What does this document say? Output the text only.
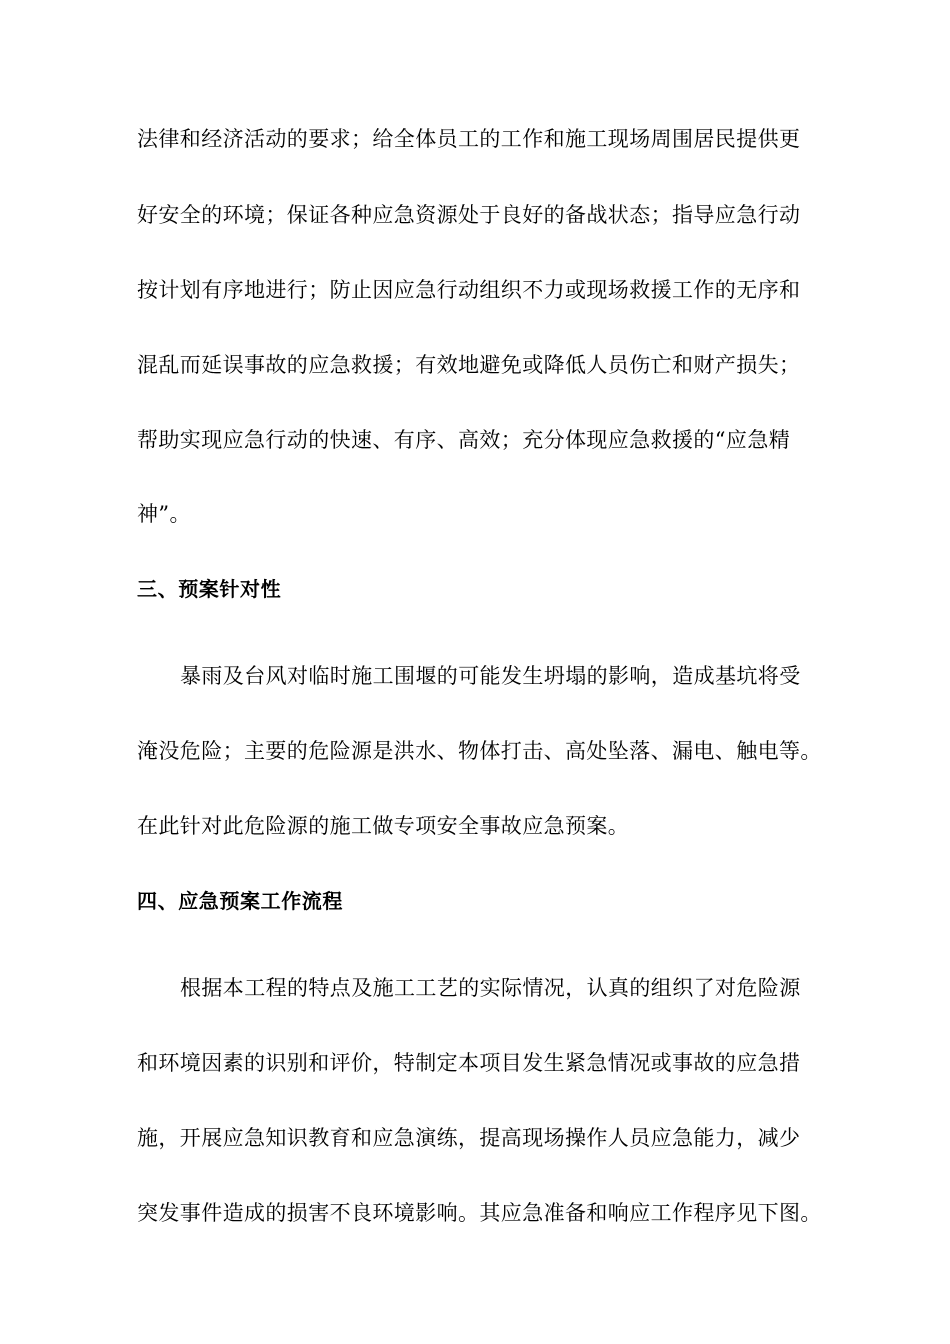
法律和经济活动的要求；给全体员工的工作和施工现场周围居民提供更
好安全的环境；保证各种应急资源处于良好的备战状态；指导应急行动
按计划有序地进行；防止因应急行动组织不力或现场救援工作的无序和
混乱而延误事故的应急救援；有效地避免或降低人员伤亡和财产损失；
帮助实现应急行动的快速、有序、高效；充分体现应急救援的“应急精
神”。
三、预案针对性
暴雨及台风对临时施工围堰的可能发生坍塌的影响，造成基坑将受
淹没危险；主要的危险源是洪水、物体打击、高处坠落、漏电、触电等。
在此针对此危险源的施工做专项安全事故应急预案。
四、应急预案工作流程
根据本工程的特点及施工工艺的实际情况，认真的组织了对危险源
和环境因素的识别和评价，特制定本项目发生紧急情况或事故的应急措
施，开展应急知识教育和应急演练，提高现场操作人员应急能力，减少
突发事件造成的损害不良环境影响。其应急准备和响应工作程序见下图。
